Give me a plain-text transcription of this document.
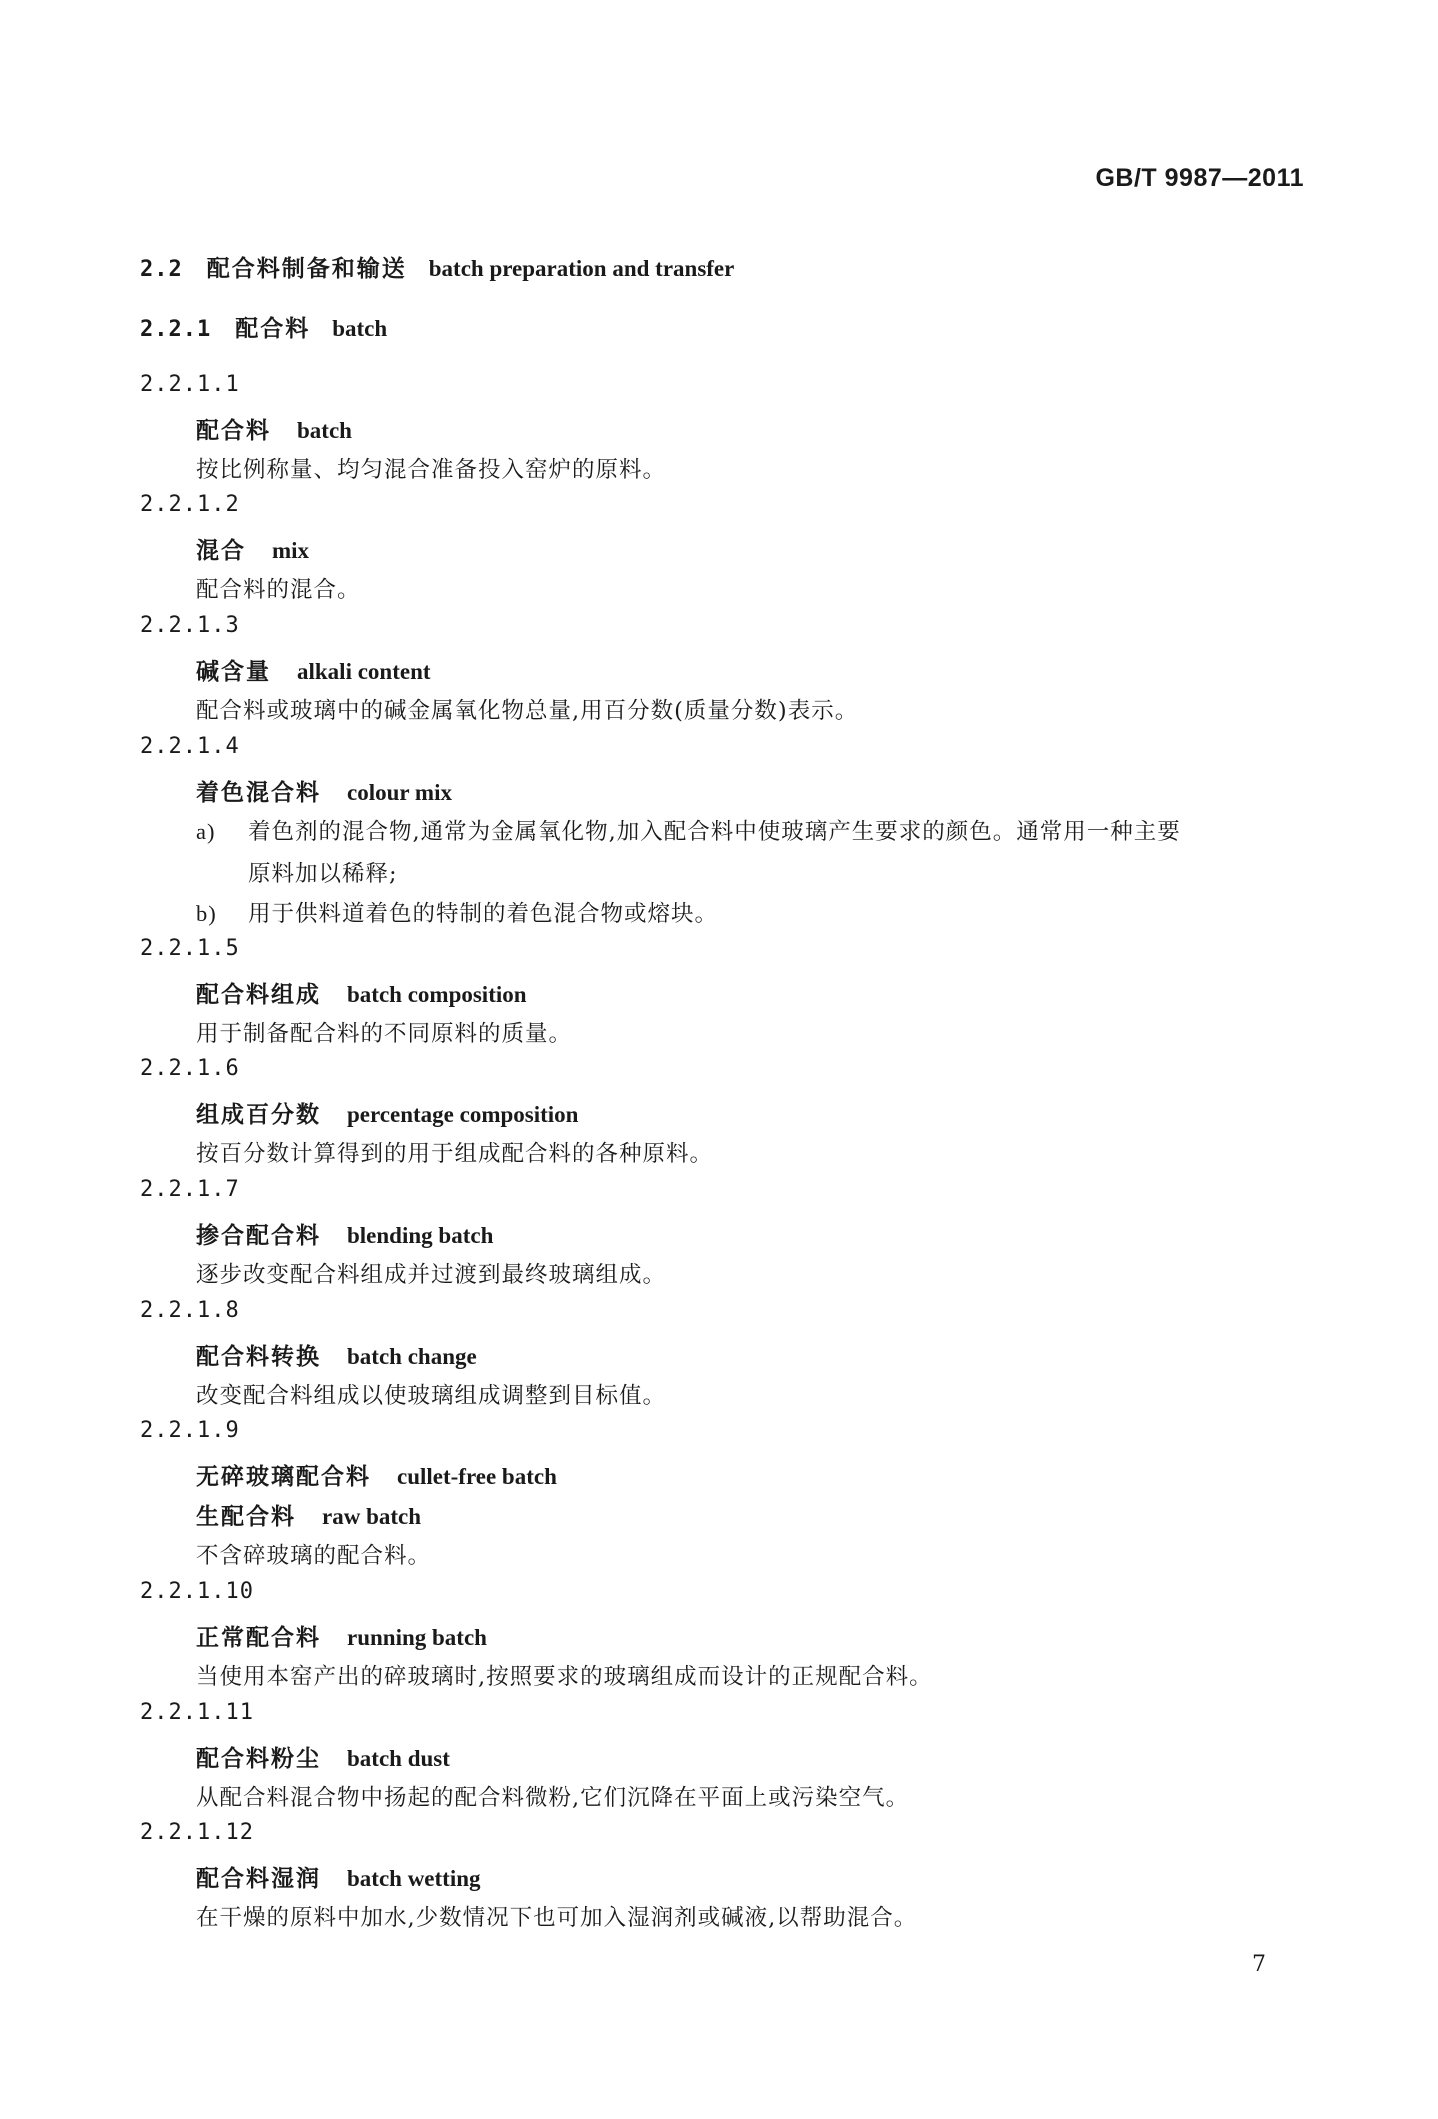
GB/T 9987—2011
2.2 配合料制备和输送 batch preparation and transfer
2.2.1 配合料 batch
2.2.1.1
配合料 batch
按比例称量、均匀混合准备投入窑炉的原料。
2.2.1.2
混合 mix
配合料的混合。
2.2.1.3
碱含量 alkali content
配合料或玻璃中的碱金属氧化物总量,用百分数(质量分数)表示。
2.2.1.4
着色混合料 colour mix
a) 着色剂的混合物,通常为金属氧化物,加入配合料中使玻璃产生要求的颜色。通常用一种主要
原料加以稀释;
b) 用于供料道着色的特制的着色混合物或熔块。
2.2.1.5
配合料组成 batch composition
用于制备配合料的不同原料的质量。
2.2.1.6
组成百分数 percentage composition
按百分数计算得到的用于组成配合料的各种原料。
2.2.1.7
掺合配合料 blending batch
逐步改变配合料组成并过渡到最终玻璃组成。
2.2.1.8
配合料转换 batch change
改变配合料组成以使玻璃组成调整到目标值。
2.2.1.9
无碎玻璃配合料 cullet-free batch
生配合料 raw batch
不含碎玻璃的配合料。
2.2.1.10
正常配合料 running batch
当使用本窑产出的碎玻璃时,按照要求的玻璃组成而设计的正规配合料。
2.2.1.11
配合料粉尘 batch dust
从配合料混合物中扬起的配合料微粉,它们沉降在平面上或污染空气。
2.2.1.12
配合料湿润 batch wetting
在干燥的原料中加水,少数情况下也可加入湿润剂或碱液,以帮助混合。
7
